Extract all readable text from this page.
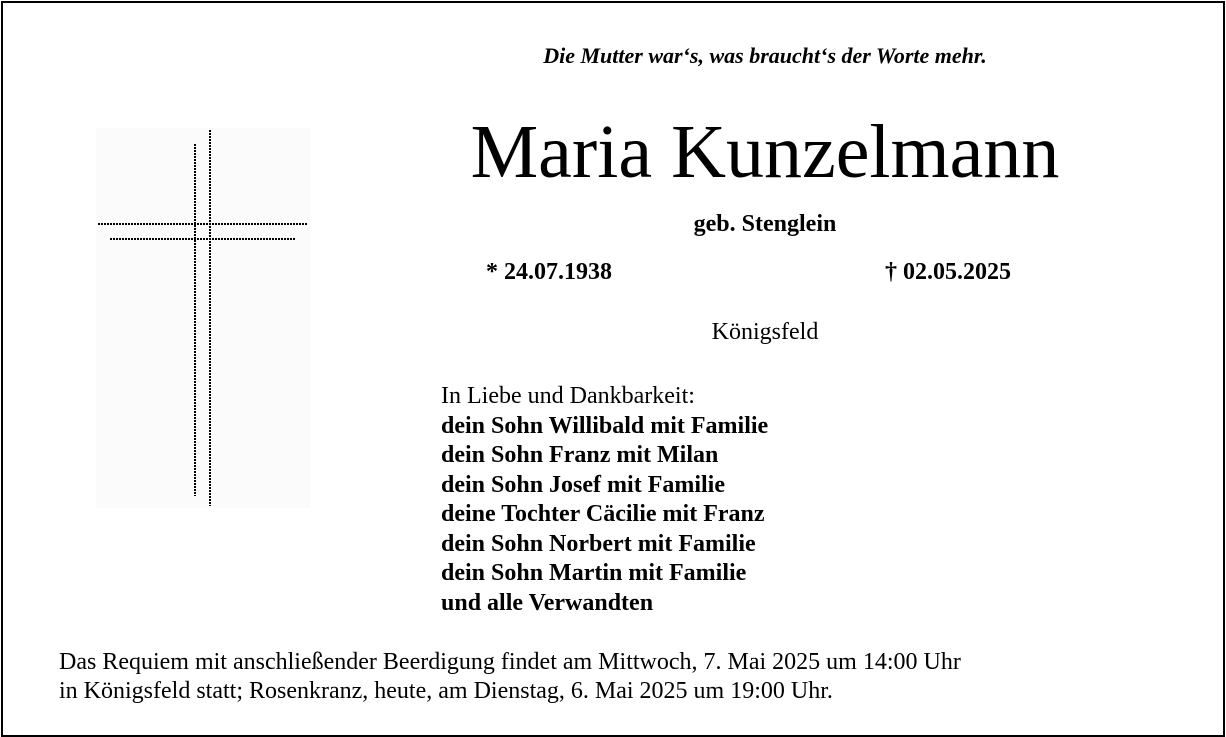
Die Mutter war‘s, was braucht‘s der Worte mehr.
Maria Kunzelmann
geb. Stenglein
* 24.07.1938	† 02.05.2025
Königsfeld
In Liebe und Dankbarkeit:
dein Sohn Willibald mit Familie
dein Sohn Franz mit Milan
dein Sohn Josef mit Familie
deine Tochter Cäcilie mit Franz
dein Sohn Norbert mit Familie
dein Sohn Martin mit Familie
und alle Verwandten
Das Requiem mit anschließender Beerdigung findet am Mittwoch, 7. Mai 2025 um 14:00 Uhr
in Königsfeld statt; Rosenkranz, heute, am Dienstag, 6. Mai 2025 um 19:00 Uhr.
